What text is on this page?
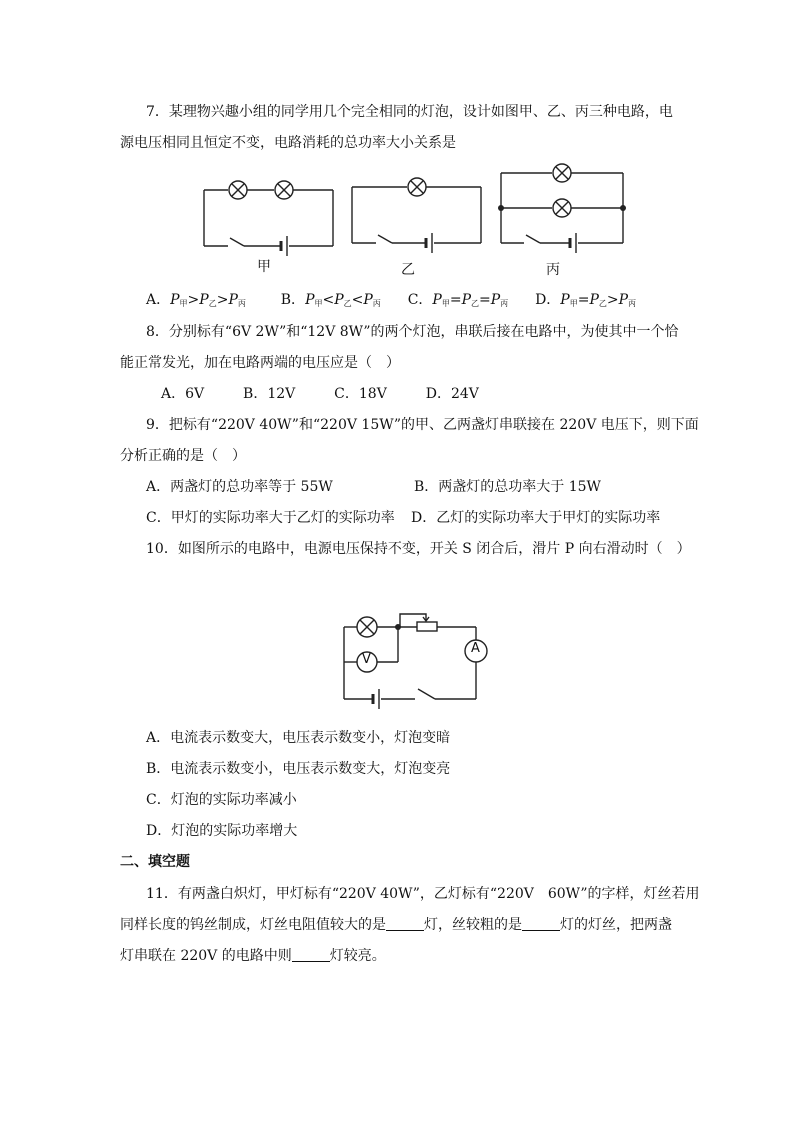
7．某理物兴趣小组的同学用几个完全相同的灯泡，设计如图甲、乙、丙三种电路，电
源电压相同且恒定不变，电路消耗的总功率大小关系是
甲	乙	丙
A．$P_甲>P_乙>P_丙$ B．$P_甲<P_乙<P_丙$ C．$P_甲=P_乙=P_丙$ D．$P_甲=P_乙>P_丙$
8．分别标有“6V 2W”和“12V 8W”的两个灯泡，串联后接在电路中，为使其中一个恰
能正常发光，加在电路两端的电压应是（　）
A．6V	B．12V	C．18V	D．24V
9．把标有“220V 40W”和“220V 15W”的甲、乙两盏灯串联接在 220V 电压下，则下面
分析正确的是（　）
A．两盏灯的总功率等于 55W	B．两盏灯的总功率大于 15W
C．甲灯的实际功率大于乙灯的实际功率 D．乙灯的实际功率大于甲灯的实际功率
10．如图所示的电路中，电源电压保持不变，开关 S 闭合后，滑片 P 向右滑动时（　）
V
A
A．电流表示数变大，电压表示数变小，灯泡变暗
B．电流表示数变小，电压表示数变大，灯泡变亮
C．灯泡的实际功率减小
D．灯泡的实际功率增大
二、填空题
11．有两盏白炽灯，甲灯标有“220V 40W”，乙灯标有“220V　60W”的字样，灯丝若用
同样长度的钨丝制成，灯丝电阻值较大的是	灯，丝较粗的是	灯的灯丝，把两盏
灯串联在 220V 的电路中则	灯较亮。
